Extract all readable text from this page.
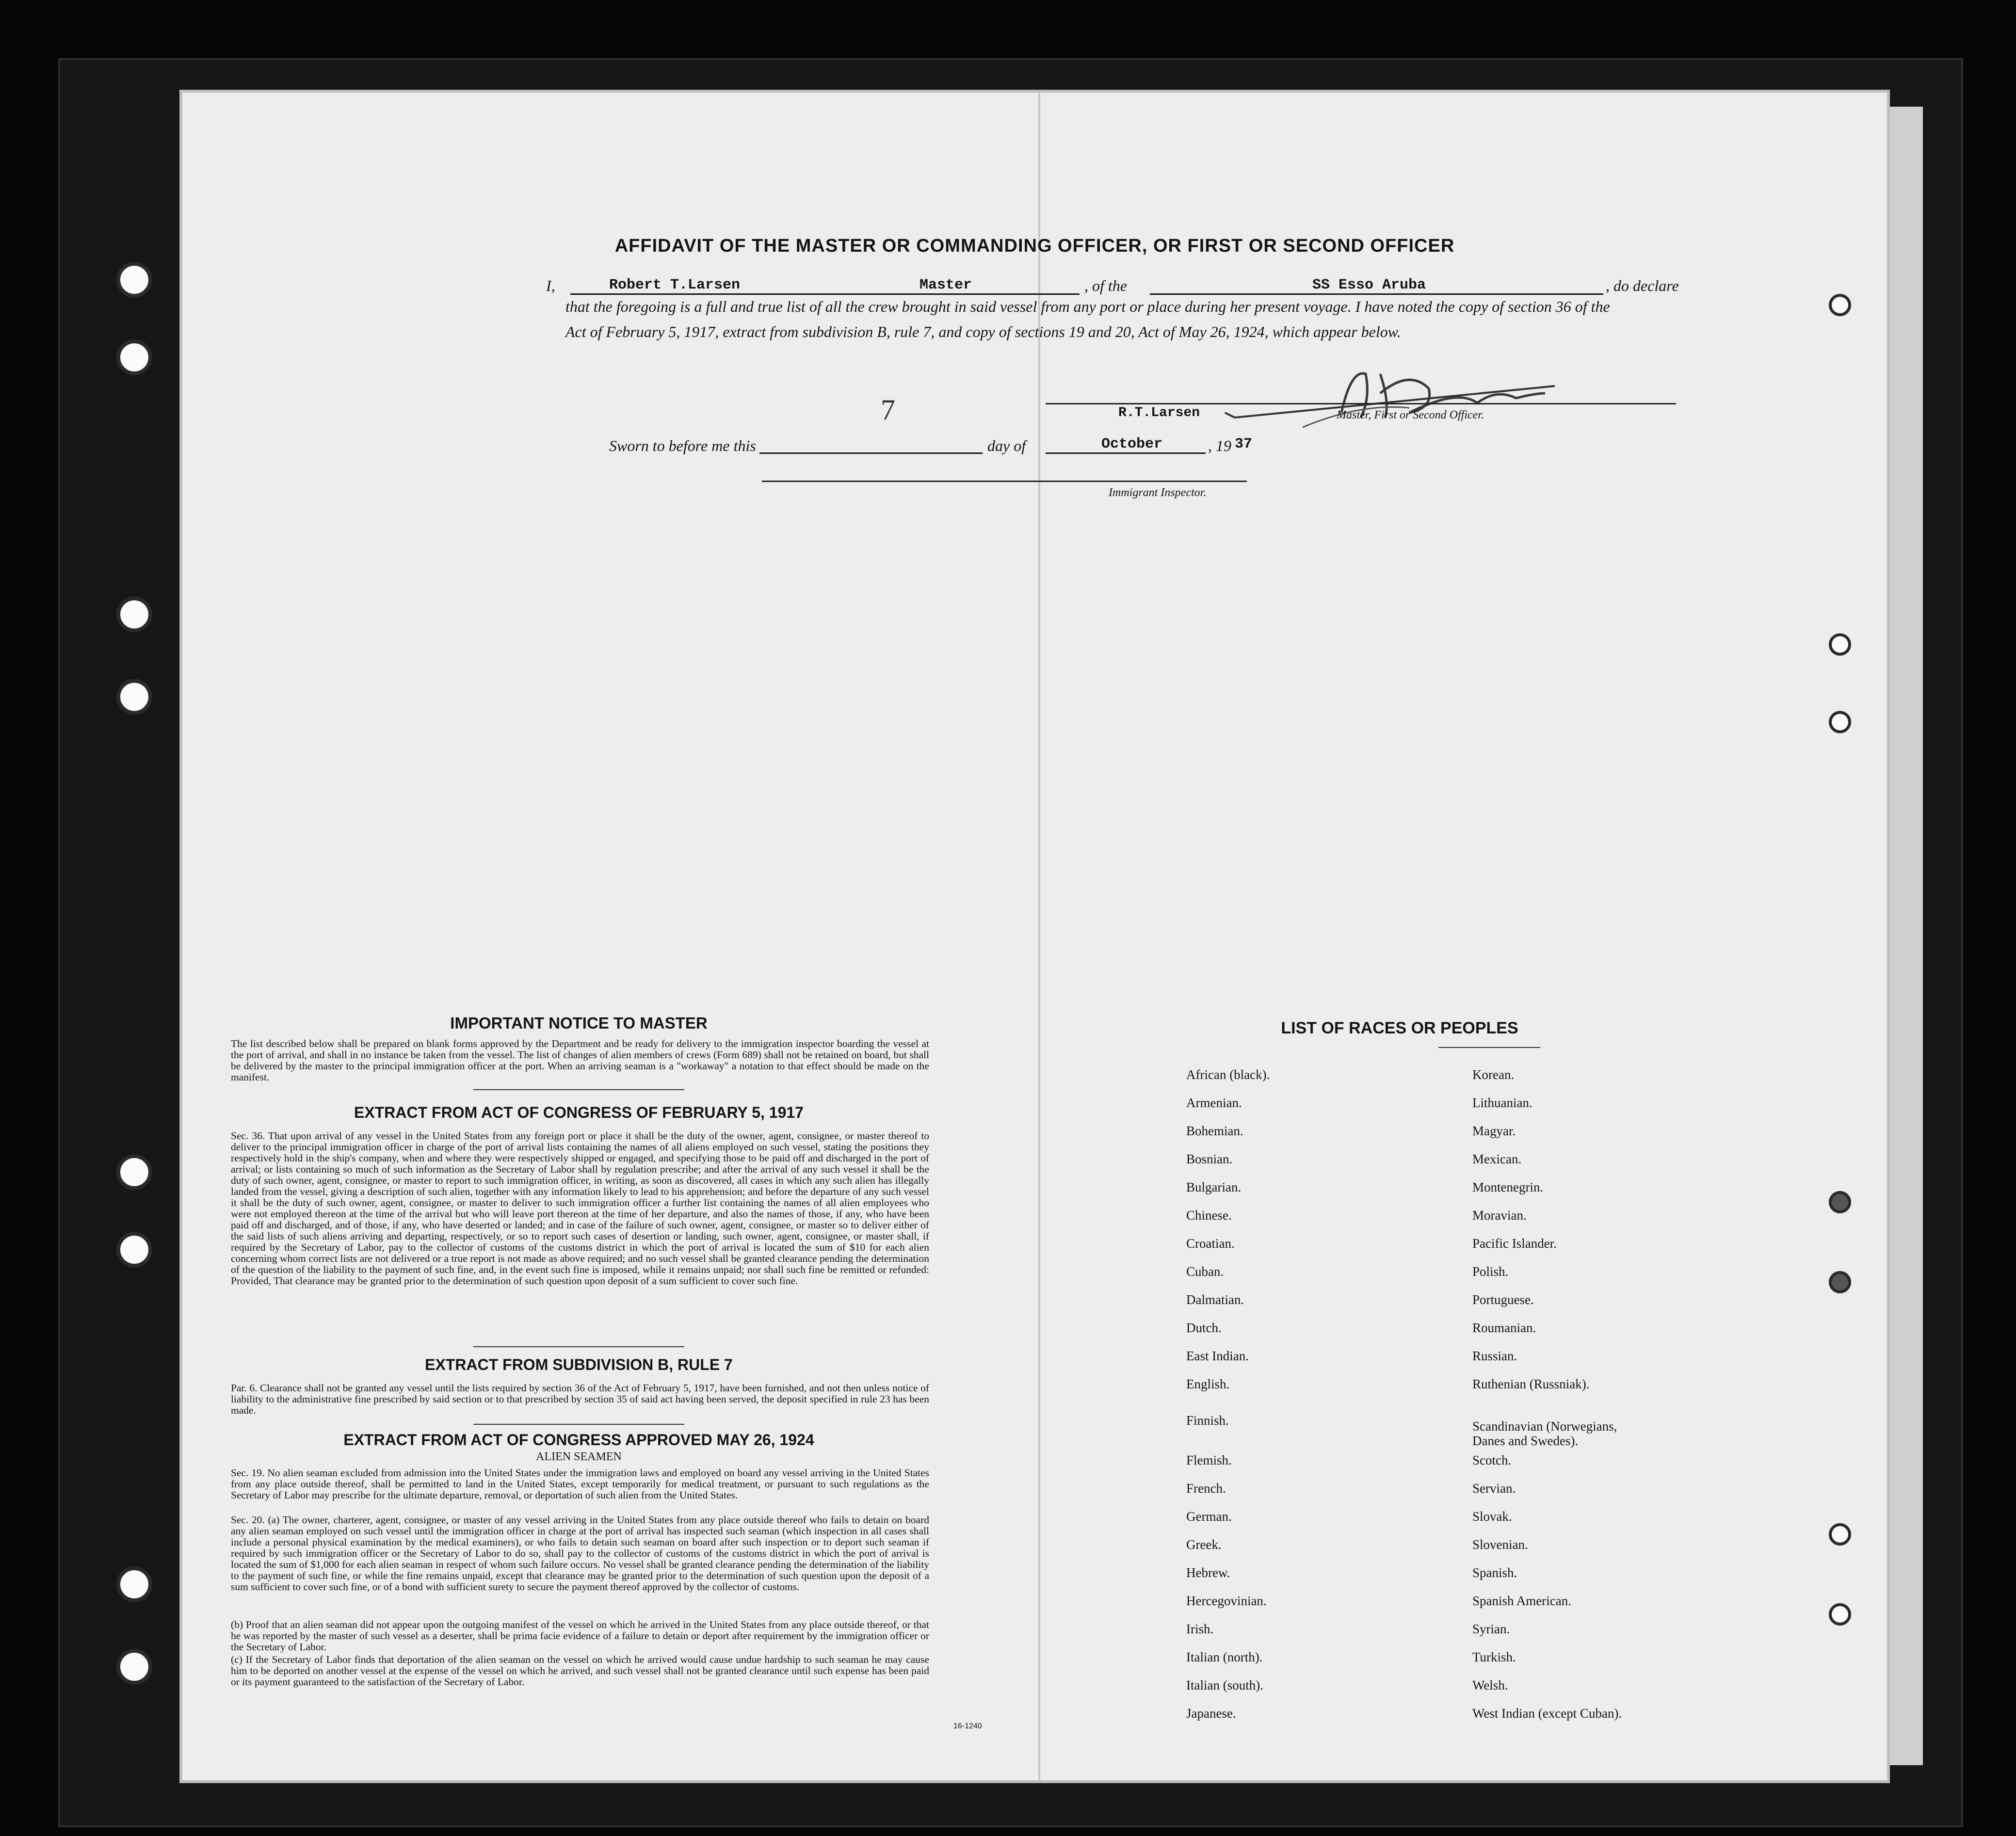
AFFIDAVIT OF THE MASTER OR COMMANDING OFFICER, OR FIRST OR SECOND OFFICER
I,	Robert T.Larsen	Master	, of the	SS Esso Aruba	, do declare
that the foregoing is a full and true list of all the crew brought in said vessel from any port or place during her present voyage. I have noted the copy of section 36 of the Act of February 5, 1917, extract from subdivision B, rule 7, and copy of sections 19 and 20, Act of May 26, 1924, which appear below.
R.T.Larsen	Master, First or Second Officer.
Sworn to before me this
7
day of	October	, 19 37
Immigrant Inspector.
IMPORTANT NOTICE TO MASTER
The list described below shall be prepared on blank forms approved by the Department and be ready for delivery to the immigration inspector boarding the vessel at the port of arrival, and shall in no instance be taken from the vessel. The list of changes of alien members of crews (Form 689) shall not be retained on board, but shall be delivered by the master to the principal immigration officer at the port. When an arriving seaman is a "workaway" a notation to that effect should be made on the manifest.
EXTRACT FROM ACT OF CONGRESS OF FEBRUARY 5, 1917
Sec. 36. That upon arrival of any vessel in the United States from any foreign port or place it shall be the duty of the owner, agent, consignee, or master thereof to deliver to the principal immigration officer in charge of the port of arrival lists containing the names of all aliens employed on such vessel, stating the positions they respectively hold in the ship's company, when and where they were respectively shipped or engaged, and specifying those to be paid off and discharged in the port of arrival; or lists containing so much of such information as the Secretary of Labor shall by regulation prescribe; and after the arrival of any such vessel it shall be the duty of such owner, agent, consignee, or master to report to such immigration officer, in writing, as soon as discovered, all cases in which any such alien has illegally landed from the vessel, giving a description of such alien, together with any information likely to lead to his apprehension; and before the departure of any such vessel it shall be the duty of such owner, agent, consignee, or master to deliver to such immigration officer a further list containing the names of all alien employees who were not employed thereon at the time of the arrival but who will leave port thereon at the time of her departure, and also the names of those, if any, who have been paid off and discharged, and of those, if any, who have deserted or landed; and in case of the failure of such owner, agent, consignee, or master so to deliver either of the said lists of such aliens arriving and departing, respectively, or so to report such cases of desertion or landing, such owner, agent, consignee, or master shall, if required by the Secretary of Labor, pay to the collector of customs of the customs district in which the port of arrival is located the sum of $10 for each alien concerning whom correct lists are not delivered or a true report is not made as above required; and no such vessel shall be granted clearance pending the determination of the question of the liability to the payment of such fine, and, in the event such fine is imposed, while it remains unpaid; nor shall such fine be remitted or refunded: Provided, That clearance may be granted prior to the determination of such question upon deposit of a sum sufficient to cover such fine.
EXTRACT FROM SUBDIVISION B, RULE 7
Par. 6. Clearance shall not be granted any vessel until the lists required by section 36 of the Act of February 5, 1917, have been furnished, and not then unless notice of liability to the administrative fine prescribed by said section or to that prescribed by section 35 of said act having been served, the deposit specified in rule 23 has been made.
EXTRACT FROM ACT OF CONGRESS APPROVED MAY 26, 1924
ALIEN SEAMEN
Sec. 19. No alien seaman excluded from admission into the United States under the immigration laws and employed on board any vessel arriving in the United States from any place outside thereof, shall be permitted to land in the United States, except temporarily for medical treatment, or pursuant to such regulations as the Secretary of Labor may prescribe for the ultimate departure, removal, or deportation of such alien from the United States.
Sec. 20. (a) The owner, charterer, agent, consignee, or master of any vessel arriving in the United States from any place outside thereof who fails to detain on board any alien seaman employed on such vessel until the immigration officer in charge at the port of arrival has inspected such seaman (which inspection in all cases shall include a personal physical examination by the medical examiners), or who fails to detain such seaman on board after such inspection or to deport such seaman if required by such immigration officer or the Secretary of Labor to do so, shall pay to the collector of customs of the customs district in which the port of arrival is located the sum of $1,000 for each alien seaman in respect of whom such failure occurs. No vessel shall be granted clearance pending the determination of the liability to the payment of such fine, or while the fine remains unpaid, except that clearance may be granted prior to the determination of such question upon the deposit of a sum sufficient to cover such fine, or of a bond with sufficient surety to secure the payment thereof approved by the collector of customs.
(b) Proof that an alien seaman did not appear upon the outgoing manifest of the vessel on which he arrived in the United States from any place outside thereof, or that he was reported by the master of such vessel as a deserter, shall be prima facie evidence of a failure to detain or deport after requirement by the immigration officer or the Secretary of Labor.
(c) If the Secretary of Labor finds that deportation of the alien seaman on the vessel on which he arrived would cause undue hardship to such seaman he may cause him to be deported on another vessel at the expense of the vessel on which he arrived, and such vessel shall not be granted clearance until such expense has been paid or its payment guaranteed to the satisfaction of the Secretary of Labor.
16-1240
LIST OF RACES OR PEOPLES
African (black).
Armenian.
Bohemian.
Bosnian.
Bulgarian.
Chinese.
Croatian.
Cuban.
Dalmatian.
Dutch.
East Indian.
English.
Finnish.
Flemish.
French.
German.
Greek.
Hebrew.
Hercegovinian.
Irish.
Italian (north).
Italian (south).
Japanese.
Korean.
Lithuanian.
Magyar.
Mexican.
Montenegrin.
Moravian.
Pacific Islander.
Polish.
Portuguese.
Roumanian.
Russian.
Ruthenian (Russniak).
Scandinavian (Norwegians,
Danes and Swedes).
Scotch.
Servian.
Slovak.
Slovenian.
Spanish.
Spanish American.
Syrian.
Turkish.
Welsh.
West Indian (except Cuban).
